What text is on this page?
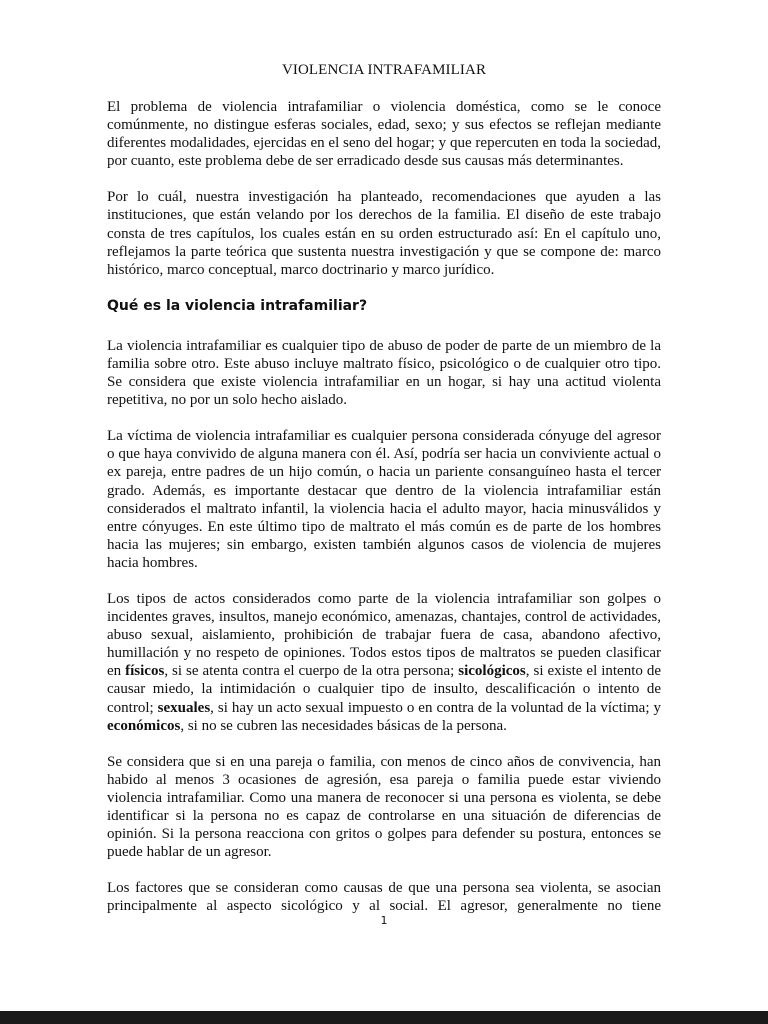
VIOLENCIA INTRAFAMILIAR

El problema de violencia intrafamiliar o violencia doméstica, como se le conoce comúnmente, no distingue esferas sociales, edad, sexo; y sus efectos se reflejan mediante diferentes modalidades, ejercidas en el seno del hogar; y que repercuten en toda la sociedad, por cuanto, este problema debe de ser erradicado desde sus causas más determinantes.

Por lo cuál, nuestra investigación ha planteado, recomendaciones que ayuden a las instituciones, que están velando por los derechos de la familia. El diseño de este trabajo consta de tres capítulos, los cuales están en su orden estructurado así: En el capítulo uno, reflejamos la parte teórica que sustenta nuestra investigación y que se compone de: marco histórico, marco conceptual, marco doctrinario y marco jurídico.

Qué es la violencia intrafamiliar?

La violencia intrafamiliar es cualquier tipo de abuso de poder de parte de un miembro de la familia sobre otro. Este abuso incluye maltrato físico, psicológico o de cualquier otro tipo. Se considera que existe violencia intrafamiliar en un hogar, si hay una actitud violenta repetitiva, no por un solo hecho aislado.

La víctima de violencia intrafamiliar es cualquier persona considerada cónyuge del agresor o que haya convivido de alguna manera con él. Así, podría ser hacia un conviviente actual o ex pareja, entre padres de un hijo común, o hacia un pariente consanguíneo hasta el tercer grado. Además, es importante destacar que dentro de la violencia intrafamiliar están considerados el maltrato infantil, la violencia hacia el adulto mayor, hacia minusválidos y entre cónyuges. En este último tipo de maltrato el más común es de parte de los hombres hacia las mujeres; sin embargo, existen también algunos casos de violencia de mujeres hacia hombres.

Los tipos de actos considerados como parte de la violencia intrafamiliar son golpes o incidentes graves, insultos, manejo económico, amenazas, chantajes, control de actividades, abuso sexual, aislamiento, prohibición de trabajar fuera de casa, abandono afectivo, humillación y no respeto de opiniones. Todos estos tipos de maltratos se pueden clasificar en físicos, si se atenta contra el cuerpo de la otra persona; sicológicos, si existe el intento de causar miedo, la intimidación o cualquier tipo de insulto, descalificación o intento de control; sexuales, si hay un acto sexual impuesto o en contra de la voluntad de la víctima; y económicos, si no se cubren las necesidades básicas de la persona.

Se considera que si en una pareja o familia, con menos de cinco años de convivencia, han habido al menos 3 ocasiones de agresión, esa pareja o familia puede estar viviendo violencia intrafamiliar. Como una manera de reconocer si una persona es violenta, se debe identificar si la persona no es capaz de controlarse en una situación de diferencias de opinión. Si la persona reacciona con gritos o golpes para defender su postura, entonces se puede hablar de un agresor.

Los factores que se consideran como causas de que una persona sea violenta, se asocian principalmente al aspecto sicológico y al social. El agresor, generalmente no tiene

1
